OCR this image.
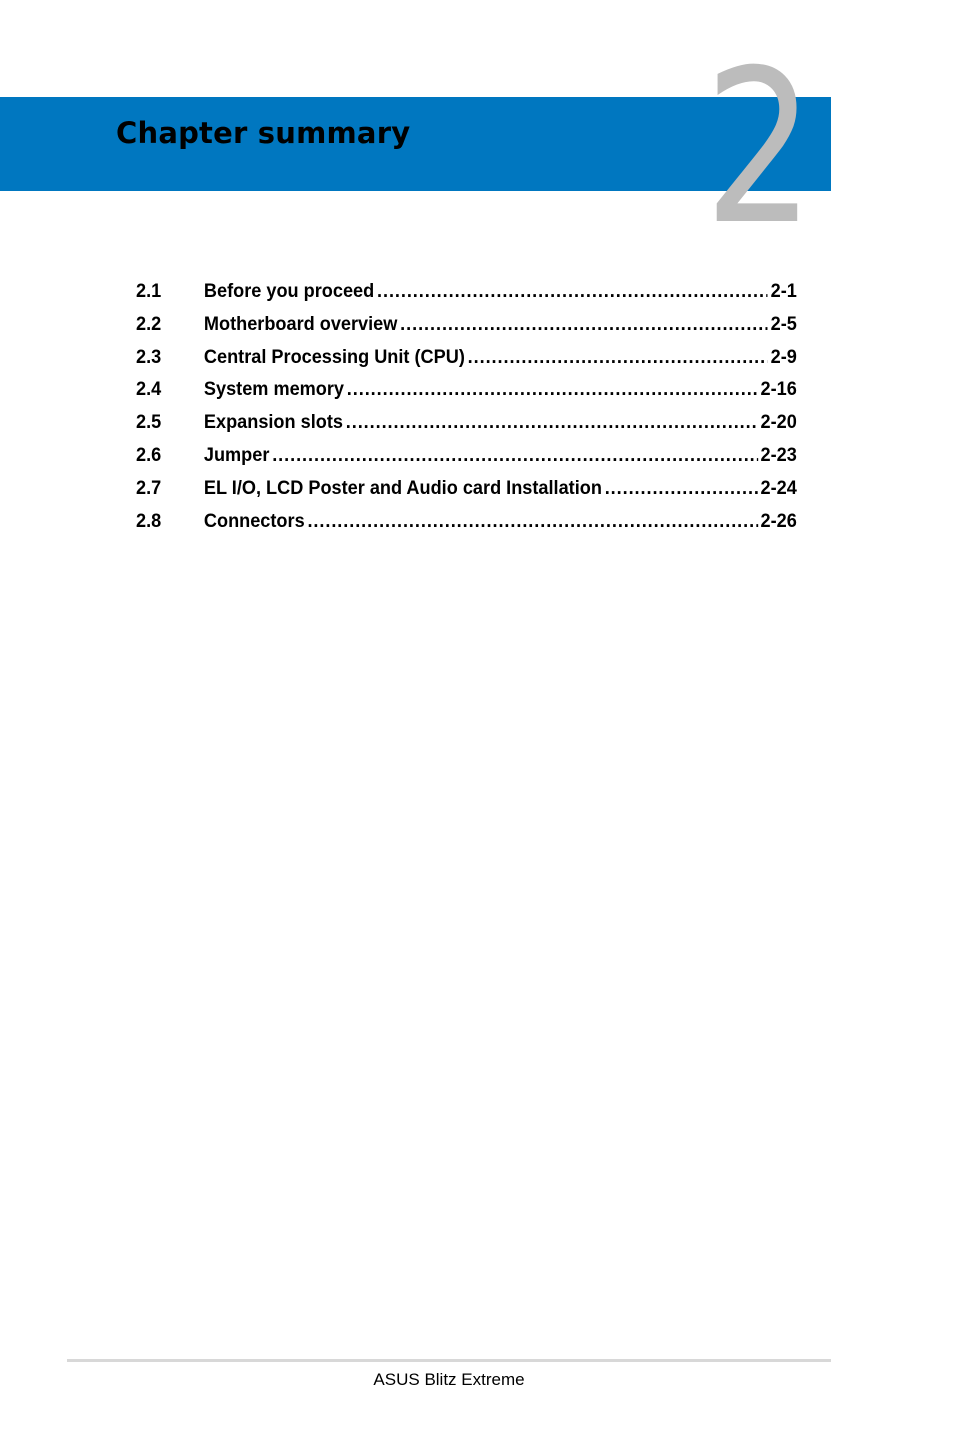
2
Chapter summary
2.1	Before you proceed .....	2-1
2.2	Motherboard overview .....	2-5
2.3	Central Processing Unit (CPU) .....	2-9
2.4	System memory .....	2-16
2.5	Expansion slots .....	2-20
2.6	Jumper .....	2-23
2.7	EL I/O, LCD Poster and Audio card Installation .....	2-24
2.8	Connectors .....	2-26
ASUS Blitz Extreme
